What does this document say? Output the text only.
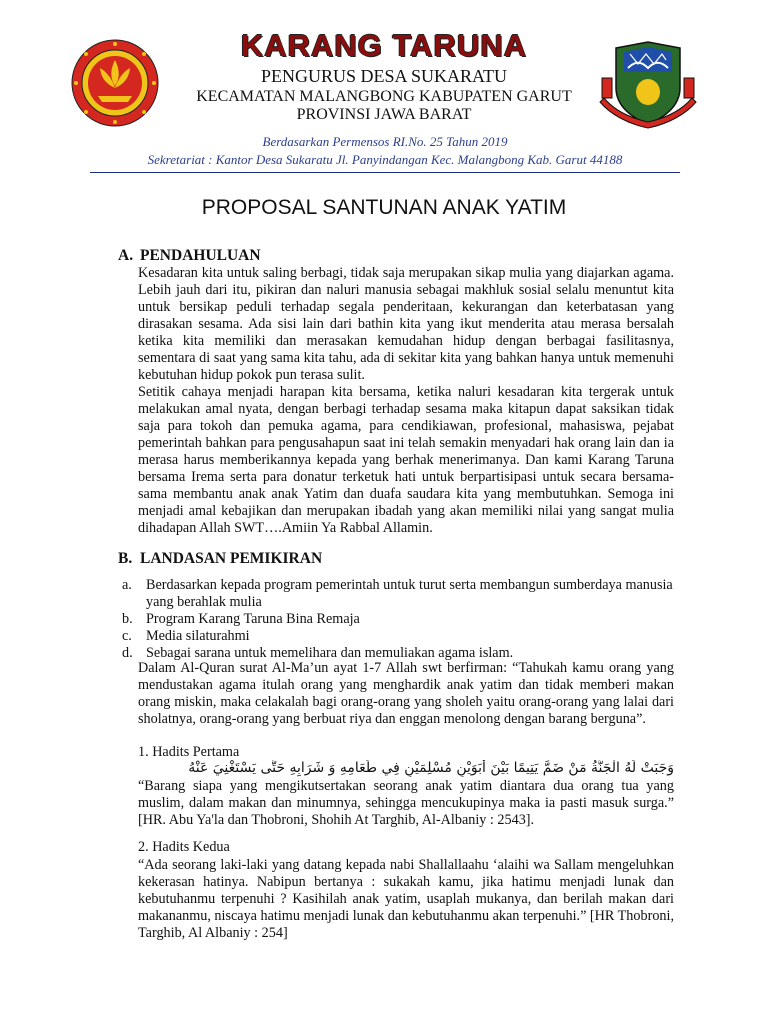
KARANG TARUNA
PENGURUS DESA SUKARATU
KECAMATAN MALANGBONG KABUPATEN GARUT
PROVINSI JAWA BARAT
Berdasarkan Permensos RI.No. 25 Tahun 2019
Sekretariat : Kantor Desa Sukaratu Jl. Panyindangan Kec. Malangbong Kab. Garut 44188
PROPOSAL SANTUNAN ANAK YATIM
A. PENDAHULUAN
Kesadaran kita untuk saling berbagi, tidak saja merupakan sikap mulia yang diajarkan agama. Lebih jauh dari itu, pikiran dan naluri manusia sebagai makhluk sosial selalu menuntut kita untuk bersikap peduli terhadap segala penderitaan, kekurangan dan keterbatasan yang dirasakan sesama. Ada sisi lain dari bathin kita yang ikut menderita atau merasa bersalah ketika kita memiliki dan merasakan kemudahan hidup dengan berbagai fasilitasnya, sementara di saat yang sama kita tahu, ada di sekitar kita yang bahkan hanya untuk memenuhi kebutuhan hidup pokok pun terasa sulit.
Setitik cahaya menjadi harapan kita bersama, ketika naluri kesadaran kita tergerak untuk melakukan amal nyata, dengan berbagi terhadap sesama maka kitapun dapat saksikan tidak saja para tokoh dan pemuka agama, para cendikiawan, profesional, mahasiswa, pejabat pemerintah bahkan para pengusahapun saat ini telah semakin menyadari hak orang lain dan ia merasa harus memberikannya kepada yang berhak menerimanya. Dan kami Karang Taruna bersama Irema serta para donatur terketuk hati untuk berpartisipasi untuk secara bersama-sama membantu anak anak Yatim dan duafa saudara kita yang membutuhkan. Semoga ini menjadi amal kebajikan dan merupakan ibadah yang akan memiliki nilai yang sangat mulia dihadapan Allah SWT….Amiin Ya Rabbal Allamin.
B. LANDASAN PEMIKIRAN
a. Berdasarkan kepada program pemerintah untuk turut serta membangun sumberdaya manusia yang berahlak mulia
b. Program Karang Taruna Bina Remaja
c. Media silaturahmi
d. Sebagai sarana untuk memelihara dan memuliakan agama islam.
Dalam Al-Quran surat Al-Ma’un ayat 1-7 Allah swt berfirman: “Tahukah kamu orang yang mendustakan agama itulah orang yang menghardik anak yatim dan tidak memberi makan orang miskin, maka celakalah bagi orang-orang yang sholeh yaitu orang-orang yang lalai dari sholatnya, orang-orang yang berbuat riya dan enggan menolong dengan barang berguna”.
1. Hadits Pertama
وَجَبَتْ لَهُ الْجَنَّةُ مَنْ ضَمَّ يَتِيمًا بَيْنَ أَبَوَيْنِ مُسْلِمَيْنِ فِي طَعَامِهِ وَ شَرَابِهِ حَتَّى يَسْتَغْنِيَ عَنْهُ
“Barang siapa yang mengikutsertakan seorang anak yatim diantara dua orang tua yang muslim, dalam makan dan minumnya, sehingga mencukupinya maka ia pasti masuk surga.” [HR. Abu Ya'la dan Thobroni, Shohih At Targhib, Al-Albaniy : 2543].
2. Hadits Kedua
“Ada seorang laki-laki yang datang kepada nabi Shallallaahu ‘alaihi wa Sallam mengeluhkan kekerasan hatinya. Nabipun bertanya : sukakah kamu, jika hatimu menjadi lunak dan kebutuhanmu terpenuhi ? Kasihilah anak yatim, usaplah mukanya, dan berilah makan dari makananmu, niscaya hatimu menjadi lunak dan kebutuhanmu akan terpenuhi.” [HR Thobroni, Targhib, Al Albaniy : 254]
